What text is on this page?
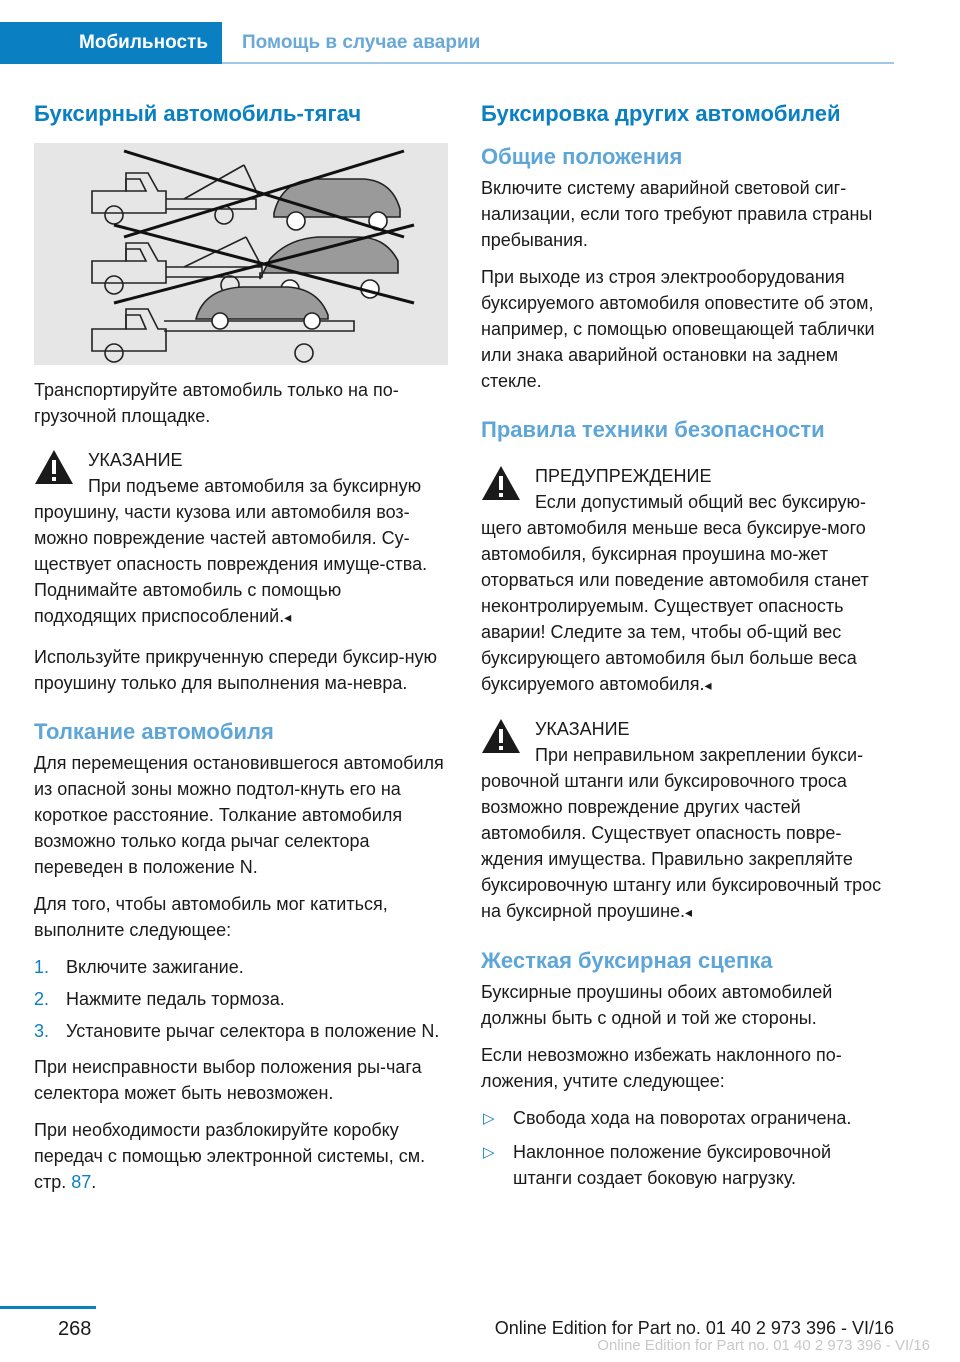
Мобильность	Помощь в случае аварии
Буксирный автомобиль-тягач

Транспортируйте автомобиль только на по-грузочной площадке.

УКАЗАНИЕ
При подъеме автомобиля за буксирную

проушину, части кузова или автомобиля воз-можно повреждение частей автомобиля. Су-ществует опасность повреждения имуще-ства. Поднимайте автомобиль с помощью подходящих приспособлений.◂

Используйте прикрученную спереди буксир-ную проушину только для выполнения ма-невра.

Толкание автомобиля

Для перемещения остановившегося автомобиля из опасной зоны можно подтол-кнуть его на короткое расстояние. Толкание автомобиля возможно только когда рычаг селектора переведен в положение N.

Для того, чтобы автомобиль мог катиться, выполните следующее:

1. Включите зажигание.
2. Нажмите педаль тормоза.
3. Установите рычаг селектора в положение N.

При неисправности выбор положения ры-чага селектора может быть невозможен.

При необходимости разблокируйте коробку передач с помощью электронной системы, см. стр. 87.

Буксировка других автомобилей
Общие положения

Включите систему аварийной световой сиг-нализации, если того требуют правила страны пребывания.

При выходе из строя электрооборудования буксируемого автомобиля оповестите об этом, например, с помощью оповещающей таблички или знака аварийной остановки на заднем стекле.

Правила техники безопасности
ПРЕДУПРЕЖДЕНИЕ
Если допустимый общий вес буксирую-

щего автомобиля меньше веса буксируе-мого автомобиля, буксирная проушина мо-жет оторваться или поведение автомобиля станет неконтролируемым. Существует опасность аварии! Следите за тем, чтобы об-щий вес буксирующего автомобиля был больше веса буксируемого автомобиля.◂

УКАЗАНИЕ
При неправильном закреплении букси-

ровочной штанги или буксировочного троса возможно повреждение других частей автомобиля. Существует опасность повре-ждения имущества. Правильно закрепляйте буксировочную штангу или буксировочный трос на буксирной проушине.◂

Жесткая буксирная сцепка

Буксирные проушины обоих автомобилей должны быть с одной и той же стороны.

Если невозможно избежать наклонного по-ложения, учтите следующее:

▷ Свобода хода на поворотах ограничена.
▷ Наклонное положение буксировочной штанги создает боковую нагрузку.
268	Online Edition for Part no. 01 40 2 973 396 - VI/16
Online Edition for Part no. 01 40 2 973 396 - VI/16
